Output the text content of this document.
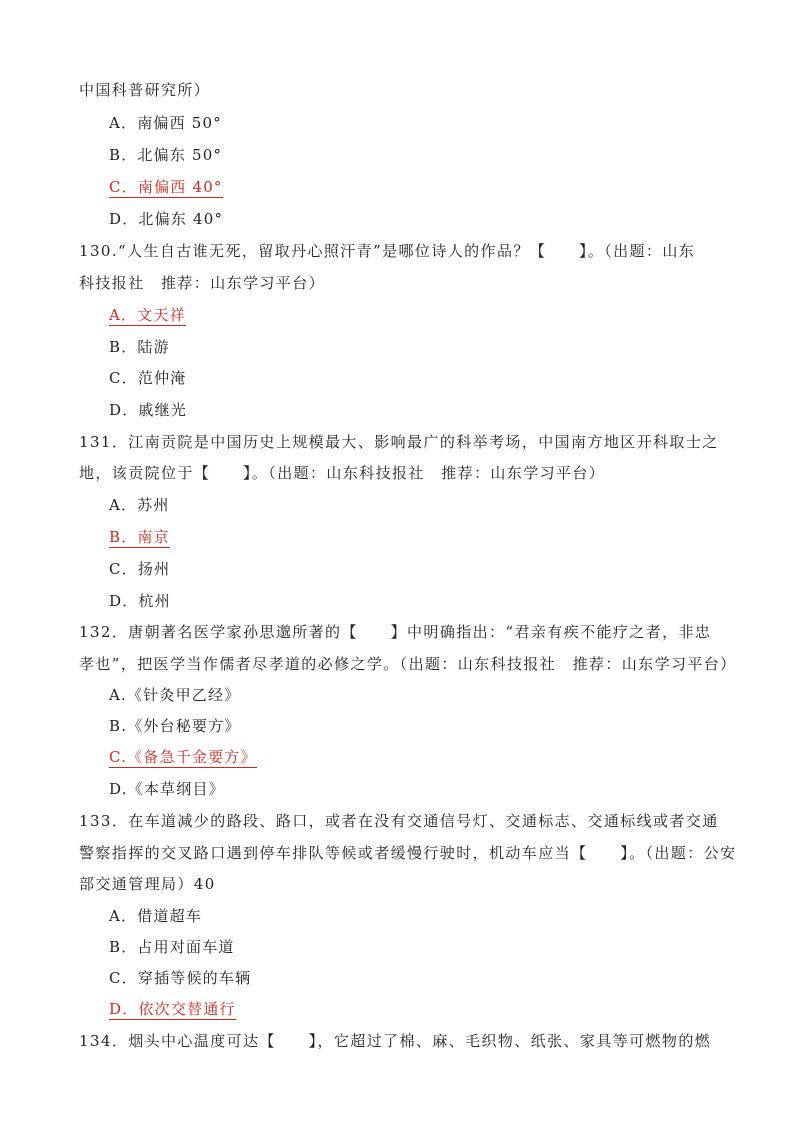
中国科普研究所）
A．南偏西 50°
B．北偏东 50°
C．南偏西 40°
D．北偏东 40°
130.“人生自古谁无死，留取丹心照汗青”是哪位诗人的作品？【　　】。（出题：山东
科技报社　推荐：山东学习平台）
A．文天祥
B．陆游
C．范仲淹
D．戚继光
131．江南贡院是中国历史上规模最大、影响最广的科举考场，中国南方地区开科取士之
地，该贡院位于【　　】。（出题：山东科技报社　推荐：山东学习平台）
A．苏州
B．南京
C．扬州
D．杭州
132．唐朝著名医学家孙思邈所著的【　　】中明确指出：“君亲有疾不能疗之者，非忠
孝也”，把医学当作儒者尽孝道的必修之学。（出题：山东科技报社　推荐：山东学习平台）
A.《针灸甲乙经》
B.《外台秘要方》
C.《备急千金要方》
D.《本草纲目》
133．在车道减少的路段、路口，或者在没有交通信号灯、交通标志、交通标线或者交通
警察指挥的交叉路口遇到停车排队等候或者缓慢行驶时，机动车应当【　　】。（出题：公安
部交通管理局）40
A．借道超车
B．占用对面车道
C．穿插等候的车辆
D．依次交替通行
134．烟头中心温度可达【　　】，它超过了棉、麻、毛织物、纸张、家具等可燃物的燃
